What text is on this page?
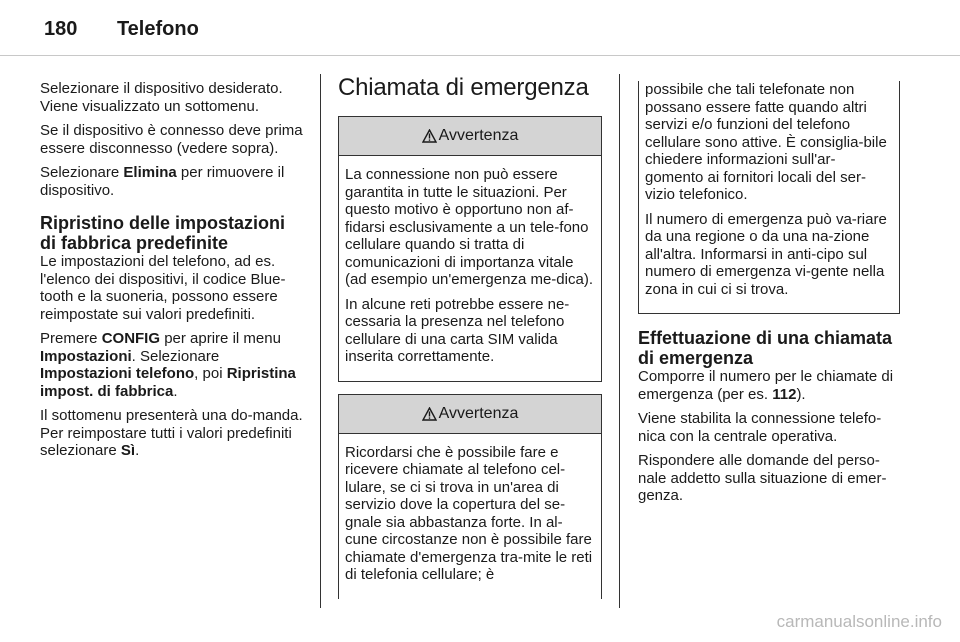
180 Telefono

Selezionare il dispositivo desiderato. Viene visualizzato un sottomenu.

Se il dispositivo è connesso deve prima essere disconnesso (vedere sopra).

Selezionare Elimina per rimuovere il dispositivo.

Ripristino delle impostazioni di fabbrica predefinite

Le impostazioni del telefono, ad es. l'elenco dei dispositivi, il codice Blue-tooth e la suoneria, possono essere reimpostate sui valori predefiniti.

Premere CONFIG per aprire il menu Impostazioni. Selezionare Impostazioni telefono, poi Ripristina impost. di fabbrica.

Il sottomenu presenterà una do-manda. Per reimpostare tutti i valori predefiniti selezionare Sì.

Chiamata di emergenza
Avvertenza

La connessione non può essere garantita in tutte le situazioni. Per questo motivo è opportuno non af-fidarsi esclusivamente a un tele-fono cellulare quando si tratta di comunicazioni di importanza vitale (ad esempio un'emergenza me-dica).

In alcune reti potrebbe essere ne-cessaria la presenza nel telefono cellulare di una carta SIM valida inserita correttamente.

Avvertenza

Ricordarsi che è possibile fare e ricevere chiamate al telefono cel-lulare, se ci si trova in un'area di servizio dove la copertura del se-gnale sia abbastanza forte. In al-cune circostanze non è possibile fare chiamate d'emergenza tra-mite le reti di telefonia cellulare; è

possibile che tali telefonate non possano essere fatte quando altri servizi e/o funzioni del telefono cellulare sono attive. È consiglia-bile chiedere informazioni sull'ar-gomento ai fornitori locali del ser-vizio telefonico.

Il numero di emergenza può va-riare da una regione o da una na-zione all'altra. Informarsi in anti-cipo sul numero di emergenza vi-gente nella zona in cui ci si trova.

Effettuazione di una chiamata di emergenza

Comporre il numero per le chiamate di emergenza (per es. 112).

Viene stabilita la connessione telefo-nica con la centrale operativa.

Rispondere alle domande del perso-nale addetto sulla situazione di emer-genza.

carmanualsonline.info
